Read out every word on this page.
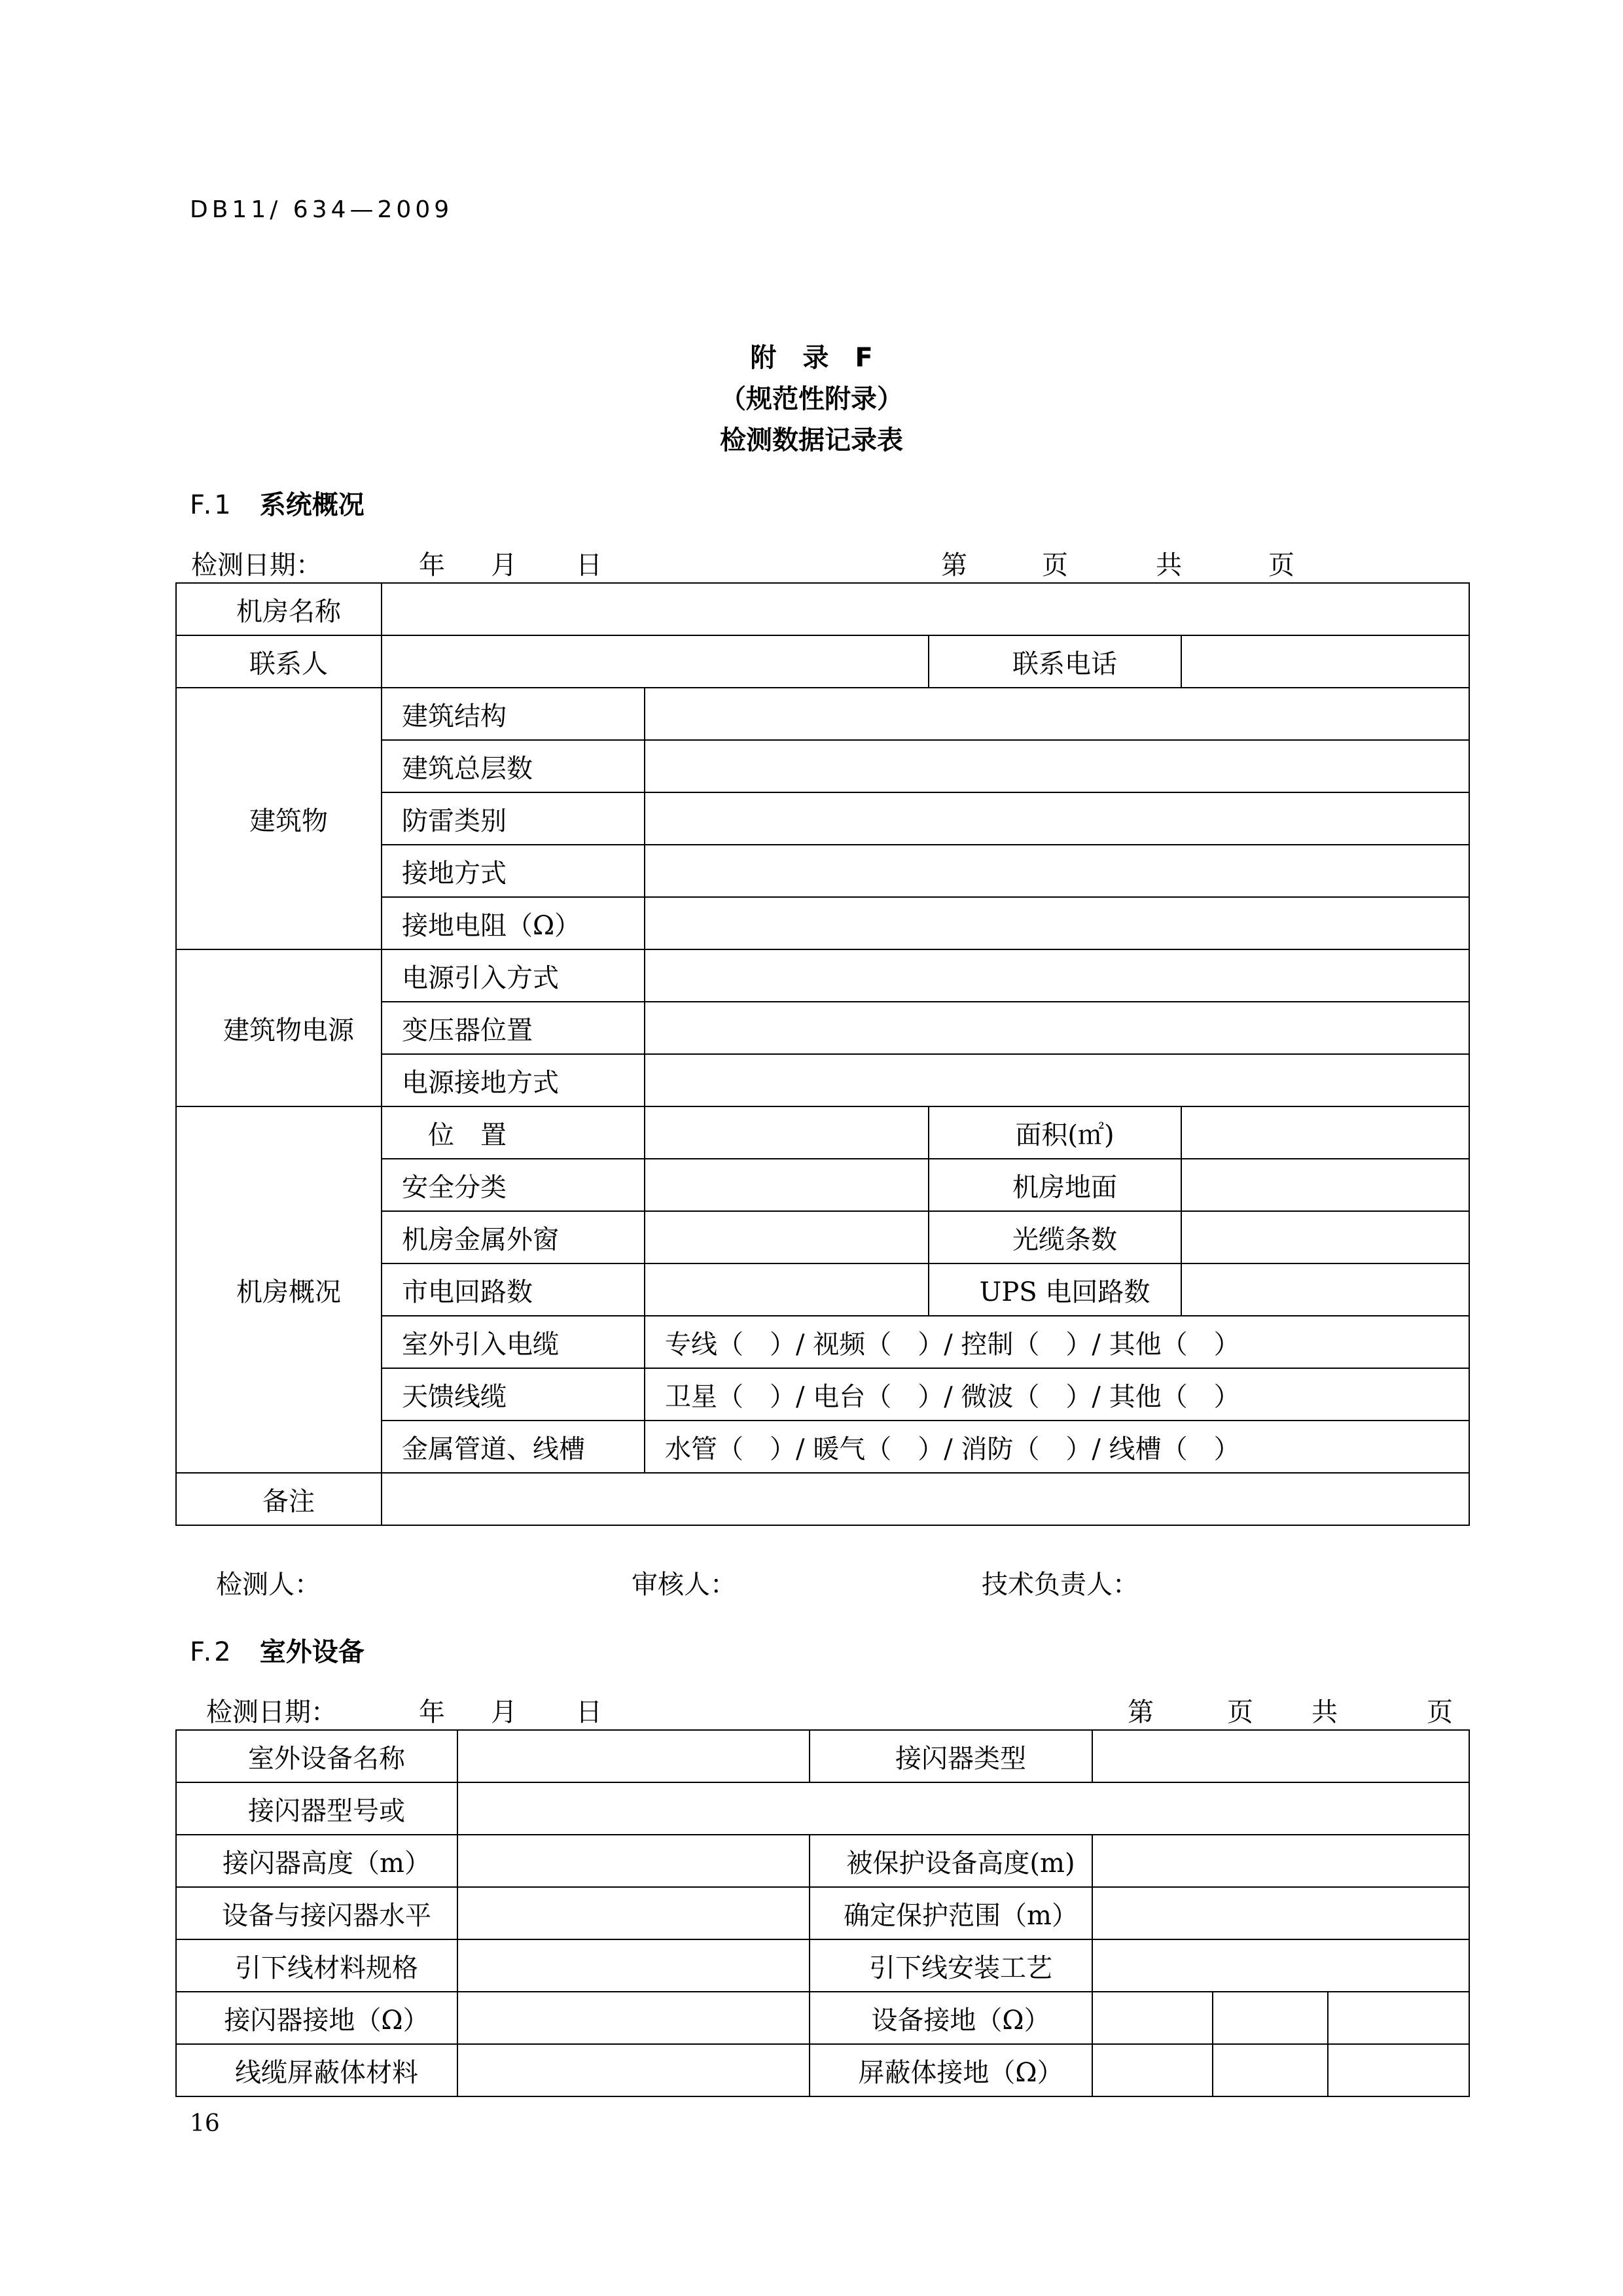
DB11/ 634—2009
附　录　F
（规范性附录）
检测数据记录表
F.1 系统概况
检测日期：	年 月 日	第	页	共	页
机房名称				
联系人			联系电话	
建筑物	建筑结构			
	建筑总层数			
	防雷类别			
	接地方式			
	接地电阻（Ω）			
建筑物电源	电源引入方式			
	变压器位置			
	电源接地方式			
机房概况	位　置		面积(㎡)	
	安全分类		机房地面	
	机房金属外窗		光缆条数	
	市电回路数		UPS 电回路数	
	室外引入电缆	专线（　）/ 视频（　）/ 控制（　）/ 其他（　）		
	天馈线缆	卫星（　）/ 电台（　）/ 微波（　）/ 其他（　）		
	金属管道、线槽	水管（　）/ 暖气（　）/ 消防（　）/ 线槽（　）		
备注				
检测人：	审核人：	技术负责人：
F.2 室外设备
检测日期：	年 月 日	第	页 共	页
室外设备名称		接闪器类型			
接闪器型号或					
接闪器高度（m）		被保护设备高度(m)			
设备与接闪器水平		确定保护范围（m）			
引下线材料规格		引下线安装工艺			
接闪器接地（Ω）		设备接地（Ω）			
线缆屏蔽体材料		屏蔽体接地（Ω）			
16
